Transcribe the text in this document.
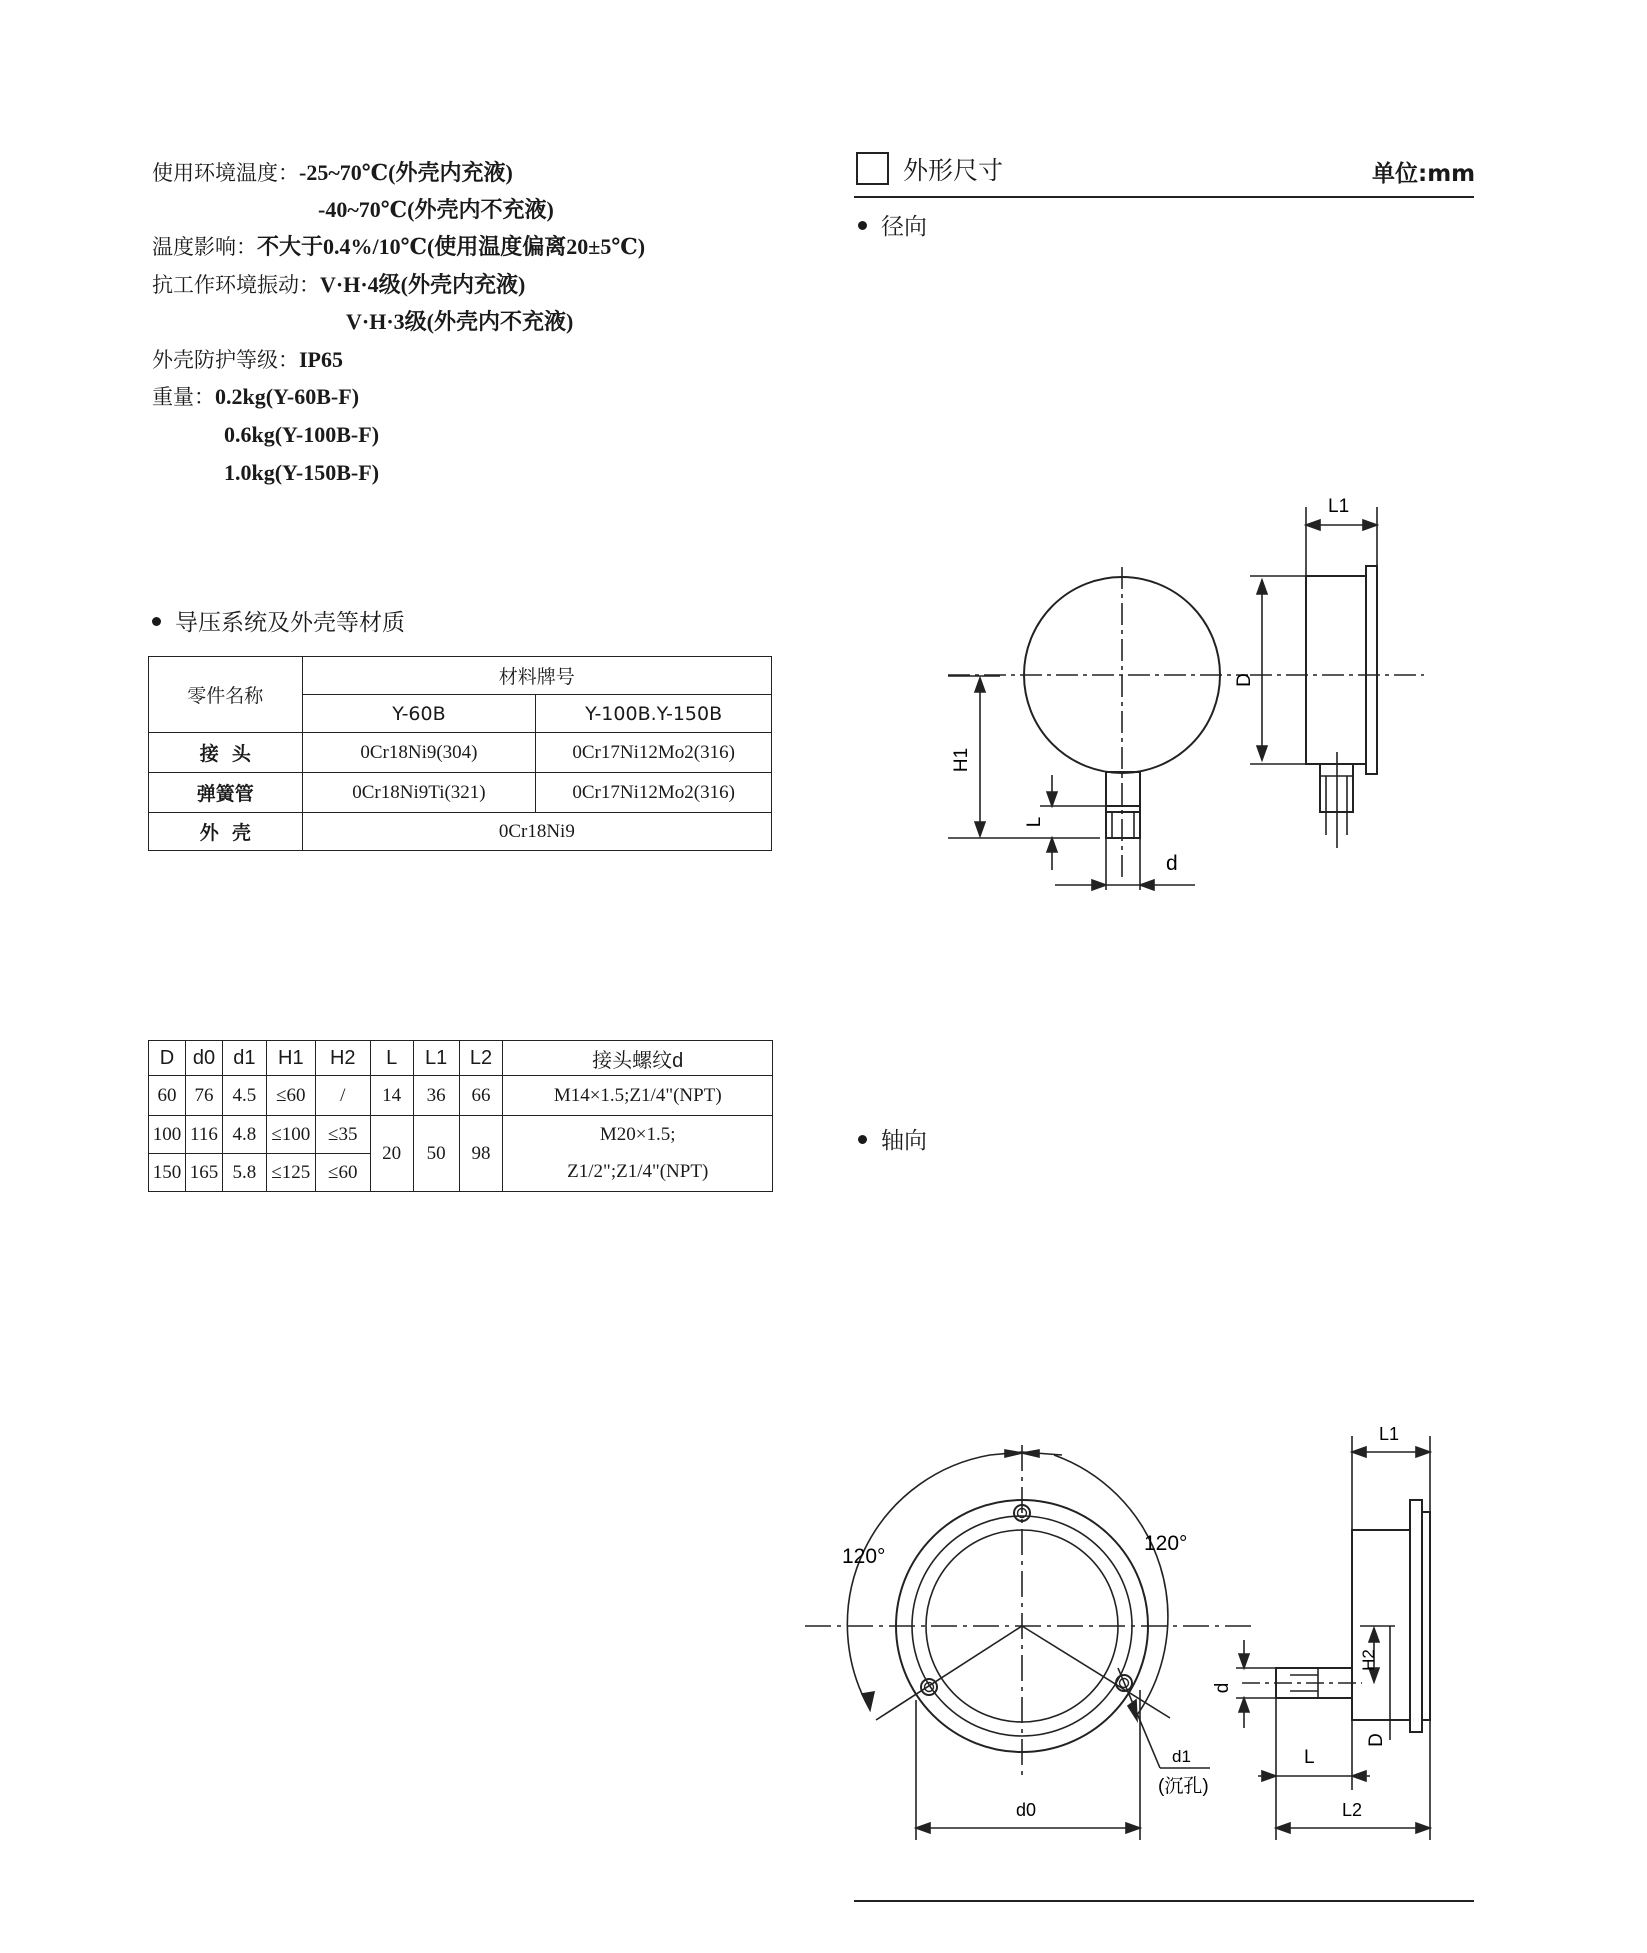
使用环境温度：-25~70℃(外壳内充液)
-40~70℃(外壳内不充液)
温度影响：不大于0.4%/10℃(使用温度偏离20±5℃)
抗工作环境振动：V·H·4级(外壳内充液)
V·H·3级(外壳内不充液)
外壳防护等级：IP65
重量：0.2kg(Y-60B-F)
0.6kg(Y-100B-F)
1.0kg(Y-150B-F)
导压系统及外壳等材质
零件名称	材料牌号	
	Y-60B	Y-100B.Y-150B
接  头	0Cr18Ni9(304)	0Cr17Ni12Mo2(316)
弹簧管	0Cr18Ni9Ti(321)	0Cr17Ni12Mo2(316)
外  壳	0Cr18Ni9	
D	d0	d1	H1	H2	L	L1	L2	接头螺纹d
60	76	4.5	≤60	/	14	36	66	M14×1.5;Z1/4"(NPT)
100	116	4.8	≤100	≤35	20	50	98	M20×1.5;
150	165	5.8	≤125	≤60				Z1/2";Z1/4"(NPT)
外形尺寸	单位:mm
径向
轴向
L1
D
H1
L
d
120°
120°
H2
d
L
D
d1
(沉孔)
d0	L2
L1
